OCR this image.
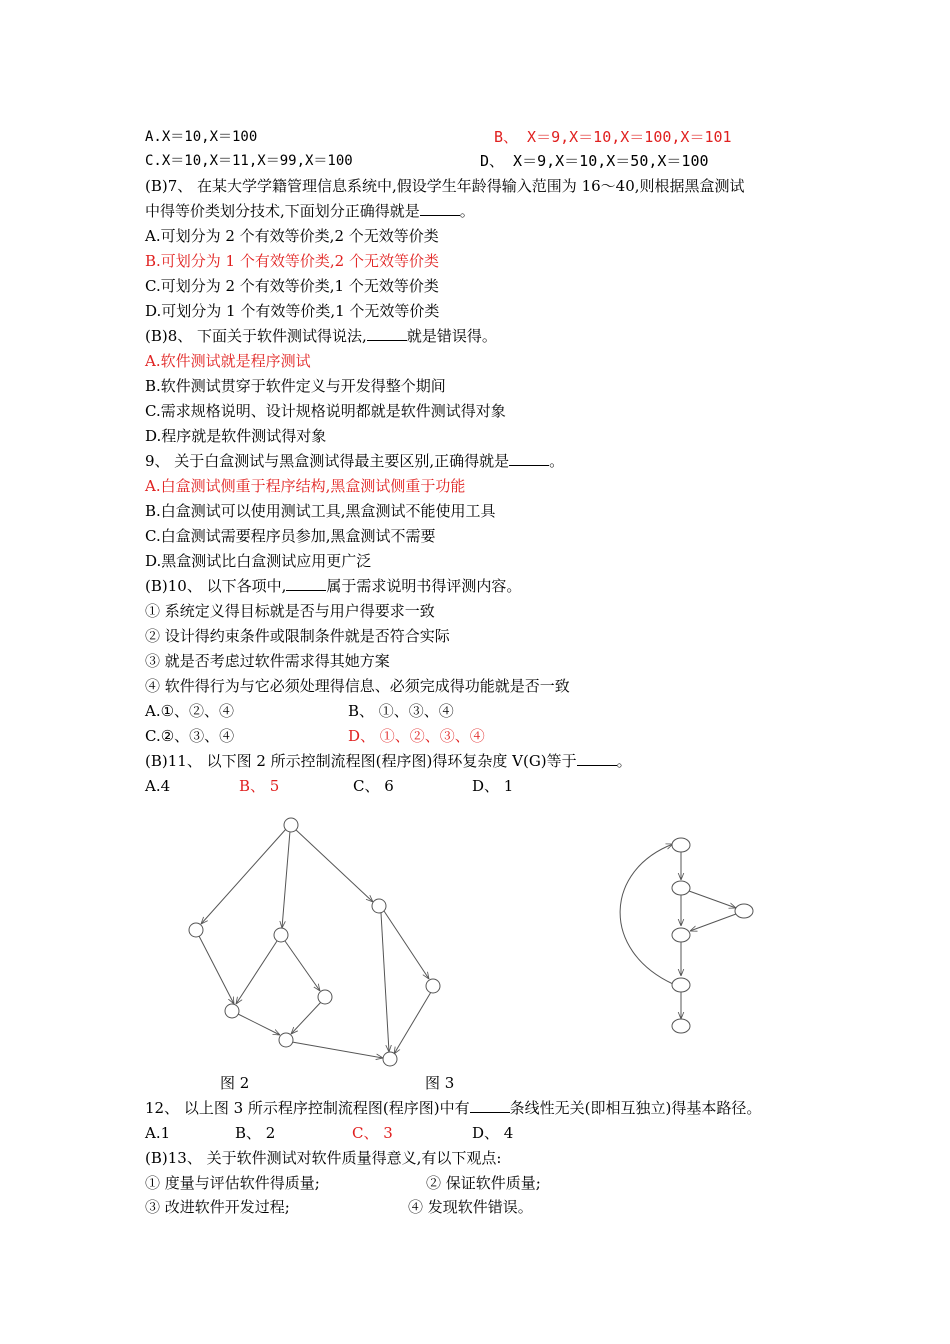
A.X＝10,X＝100	B、 X＝9,X＝10,X＝100,X＝101
C.X＝10,X＝11,X＝99,X＝100	D、 X＝9,X＝10,X＝50,X＝100
(B)7、 在某大学学籍管理信息系统中,假设学生年龄得输入范围为 16～40,则根据黑盒测试
中得等价类划分技术,下面划分正确得就是	。
A.可划分为 2 个有效等价类,2 个无效等价类
B.可划分为 1 个有效等价类,2 个无效等价类
C.可划分为 2 个有效等价类,1 个无效等价类
D.可划分为 1 个有效等价类,1 个无效等价类
(B)8、 下面关于软件测试得说法,	就是错误得。
A.软件测试就是程序测试
B.软件测试贯穿于软件定义与开发得整个期间
C.需求规格说明、设计规格说明都就是软件测试得对象
D.程序就是软件测试得对象
9、 关于白盒测试与黑盒测试得最主要区别,正确得就是	。
A.白盒测试侧重于程序结构,黑盒测试侧重于功能
B.白盒测试可以使用测试工具,黑盒测试不能使用工具
C.白盒测试需要程序员参加,黑盒测试不需要
D.黑盒测试比白盒测试应用更广泛
(B)10、 以下各项中,	属于需求说明书得评测内容。
① 系统定义得目标就是否与用户得要求一致
② 设计得约束条件或限制条件就是否符合实际
③ 就是否考虑过软件需求得其她方案
④ 软件得行为与它必须处理得信息、必须完成得功能就是否一致
A.①、②、④	B、 ①、③、④
C.②、③、④	D、 ①、②、③、④
(B)11、 以下图 2 所示控制流程图(程序图)得环复杂度 V(G)等于	。
A.4	B、 5	C、 6	D、 1
图 2	图 3
12、 以上图 3 所示程序控制流程图(程序图)中有	条线性无关(即相互独立)得基本路径。
A.1	B、 2	C、 3	D、 4
(B)13、 关于软件测试对软件质量得意义,有以下观点:
① 度量与评估软件得质量;	② 保证软件质量;
③ 改进软件开发过程;	④ 发现软件错误。
